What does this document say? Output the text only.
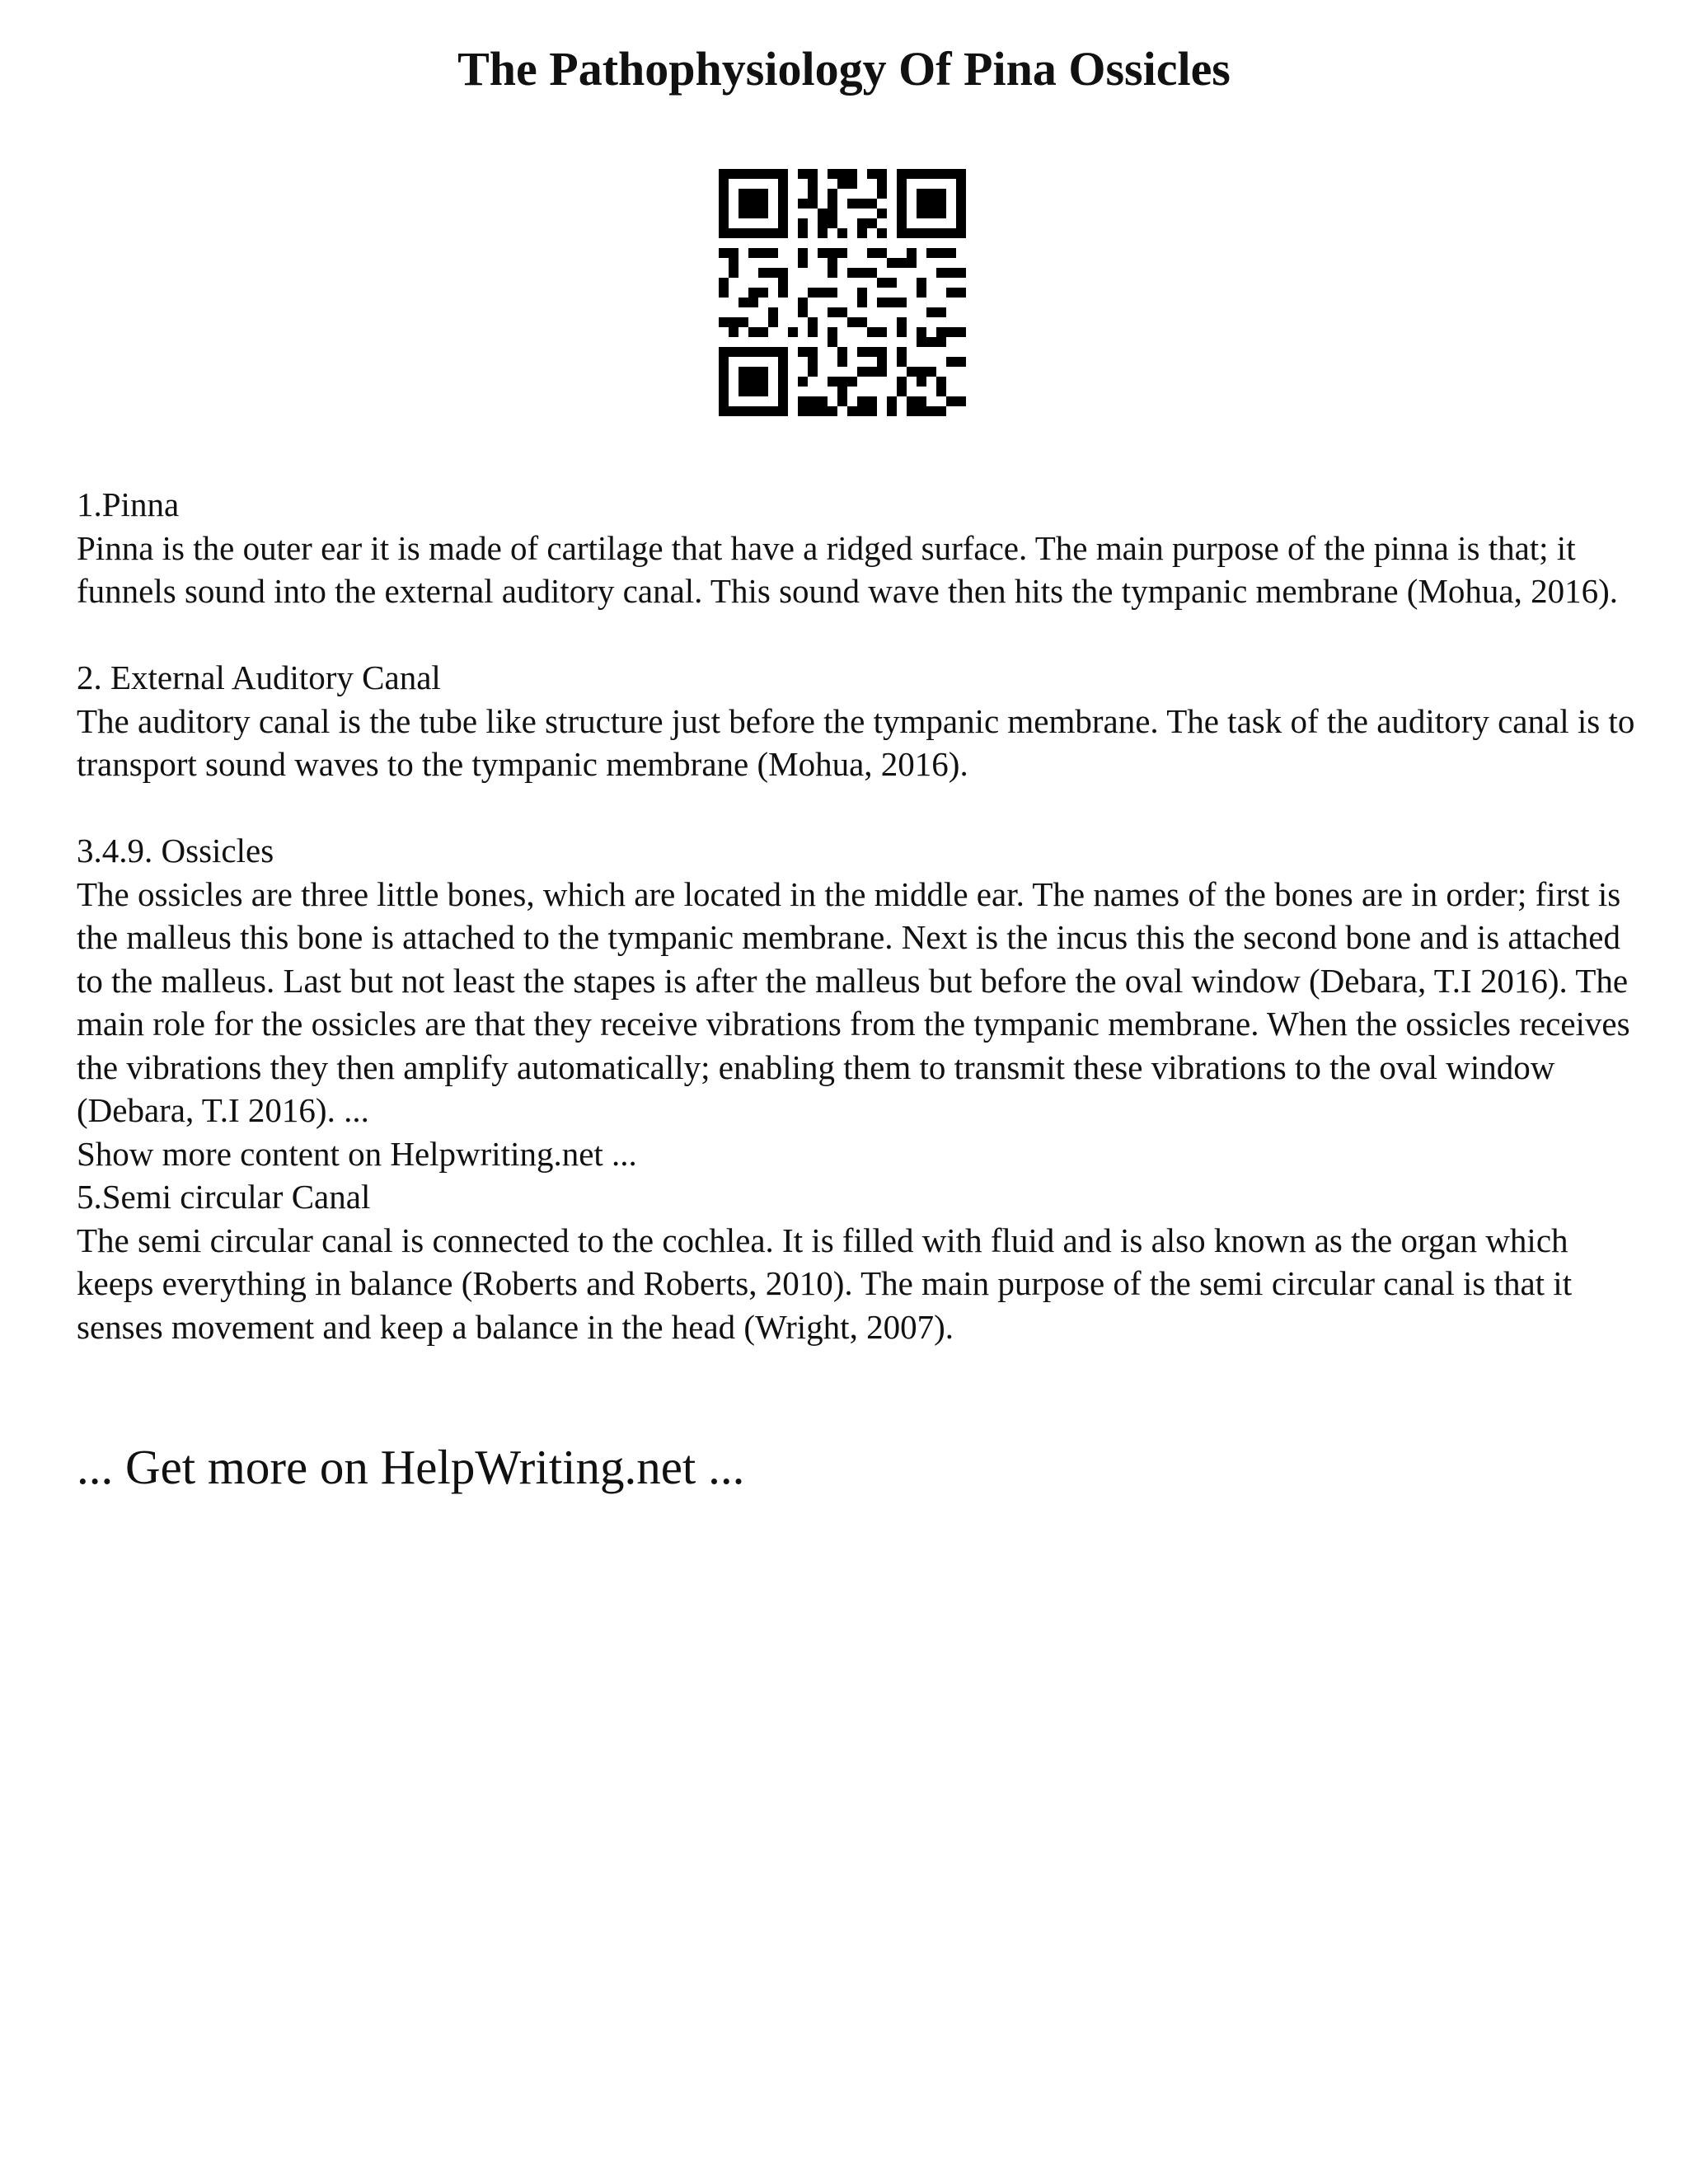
The Pathophysiology Of Pina Ossicles

1.Pinna

Pinna is the outer ear it is made of cartilage that have a ridged surface. The main purpose of the pinna is that; it funnels sound into the external auditory canal. This sound wave then hits the tympanic membrane (Mohua, 2016).

2. External Auditory Canal

The auditory canal is the tube like structure just before the tympanic membrane. The task of the auditory canal is to transport sound waves to the tympanic membrane (Mohua, 2016).

3.4.9. Ossicles

The ossicles are three little bones, which are located in the middle ear. The names of the bones are in order; first is the malleus this bone is attached to the tympanic membrane. Next is the incus this the second bone and is attached to the malleus. Last but not least the stapes is after the malleus but before the oval window (Debara, T.I 2016). The main role for the ossicles are that they receive vibrations from the tympanic membrane. When the ossicles receives the vibrations they then amplify automatically; enabling them to transmit these vibrations to the oval window (Debara, T.I 2016). ...

Show more content on Helpwriting.net ...

5.Semi circular Canal

The semi circular canal is connected to the cochlea. It is filled with fluid and is also known as the organ which keeps everything in balance (Roberts and Roberts, 2010). The main purpose of the semi circular canal is that it senses movement and keep a balance in the head (Wright, 2007).

... Get more on HelpWriting.net ...
